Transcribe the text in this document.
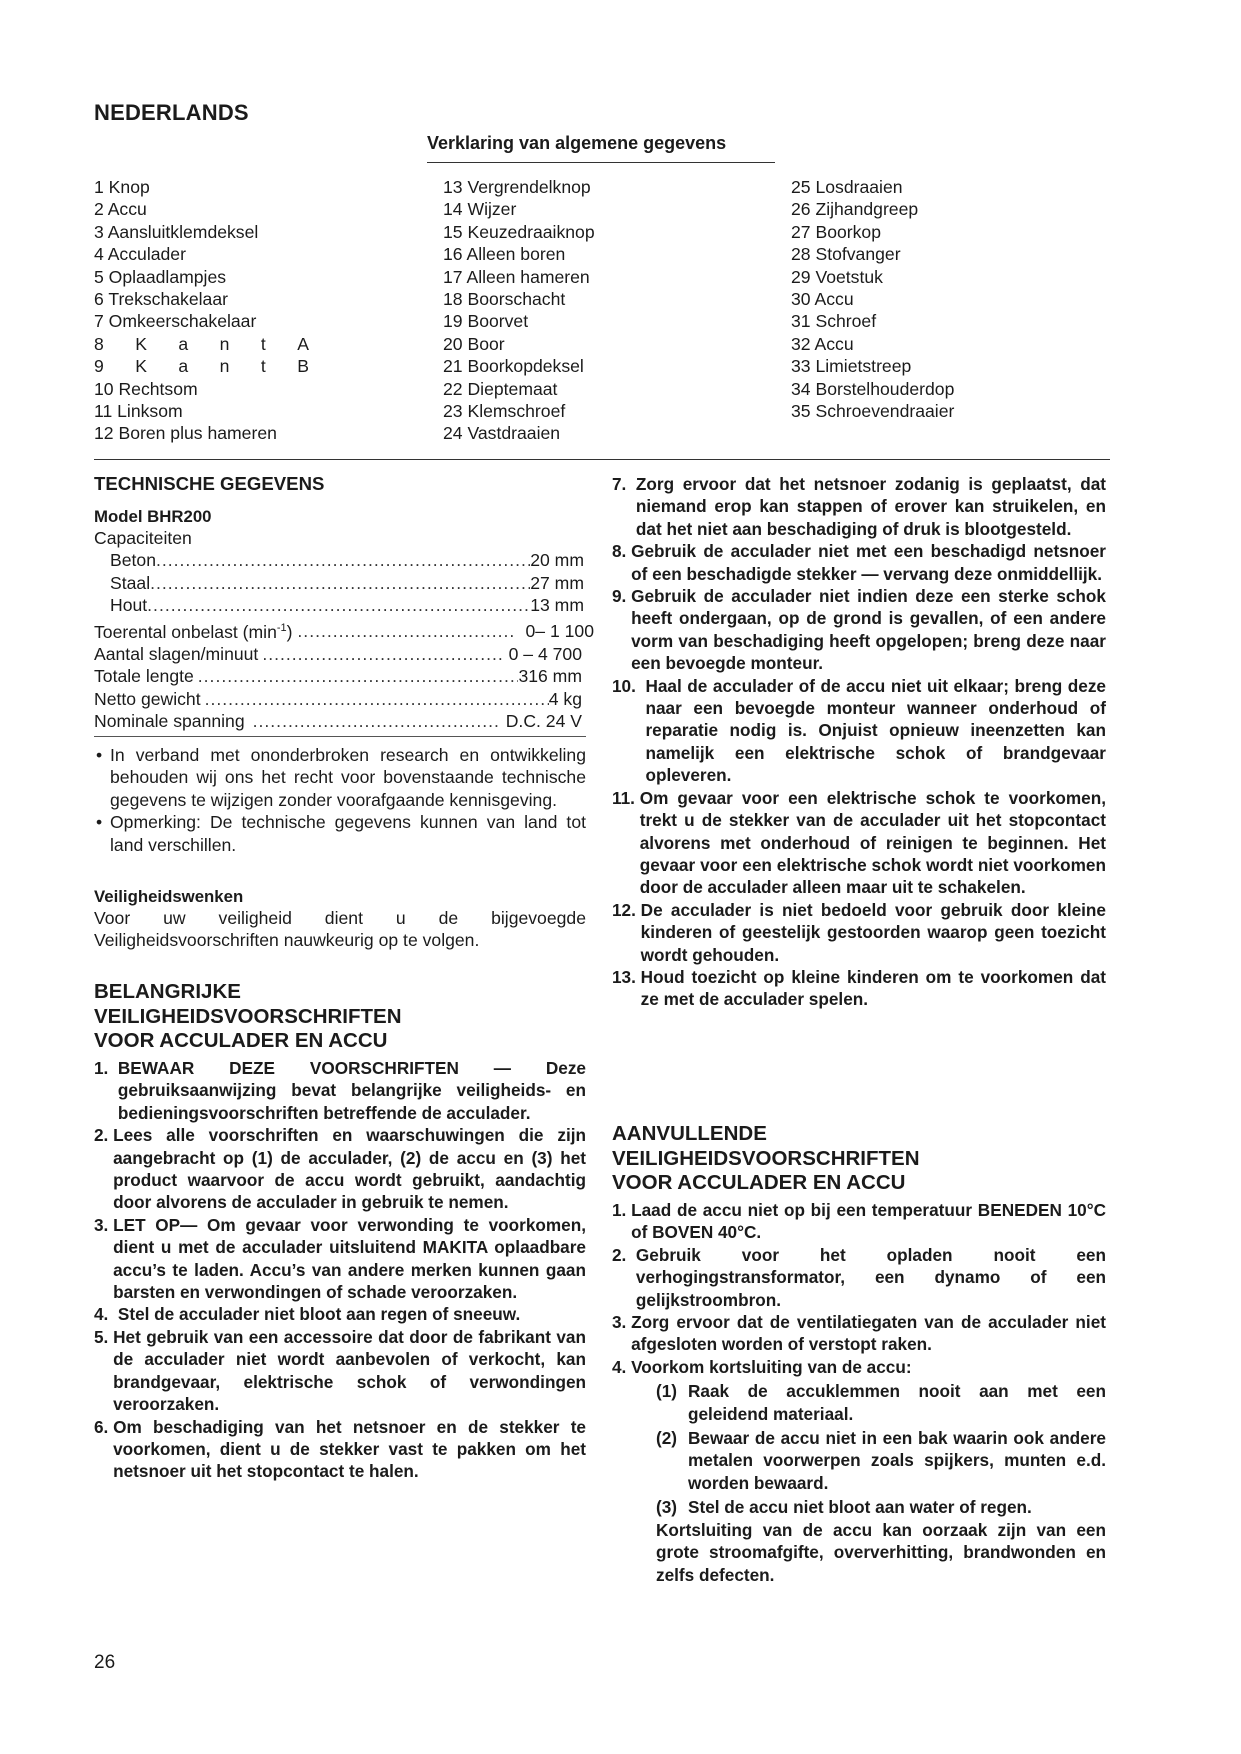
NEDERLANDS
Verklaring van algemene gegevens
1 Knop
2 Accu
3 Aansluitklemdeksel
4 Acculader
5 Oplaadlampjes
6 Trekschakelaar
7 Omkeerschakelaar
8 K a n t A
9 K a n t B
10 Rechtsom
11 Linksom
12 Boren plus hameren
13 Vergrendelknop
14 Wijzer
15 Keuzedraaiknop
16 Alleen boren
17 Alleen hameren
18 Boorschacht
19 Boorvet
20 Boor
21 Boorkopdeksel
22 Dieptemaat
23 Klemschroef
24 Vastdraaien
25 Losdraaien
26 Zijhandgreep
27 Boorkop
28 Stofvanger
29 Voetstuk
30 Accu
31 Schroef
32 Accu
33 Limietstreep
34 Borstelhouderdop
35 Schroevendraaier
TECHNISCHE GEGEVENS
Model BHR200
Capaciteiten
Beton .....	20 mm
Staal .....	27 mm
Hout .....	13 mm
Toerental onbelast $(\min^{-1})$ .....	0– 1 100
Aantal slagen/minuut .....	0 – 4 700
Totale lengte .....	316 mm
Netto gewicht .....	4 kg
Nominale spanning .....	D.C. 24 V
• In verband met ononderbroken research en ontwikkeling behouden wij ons het recht voor bovenstaande technische gegevens te wijzigen zonder voorafgaande kennisgeving.
• Opmerking: De technische gegevens kunnen van land tot land verschillen.
Veiligheidswenken
Voor uw veiligheid dient u de bijgevoegde Veiligheidsvoorschriften nauwkeurig op te volgen.
BELANGRIJKE
VEILIGHEIDSVOORSCHRIFTEN
VOOR ACCULADER EN ACCU
1. BEWAAR DEZE VOORSCHRIFTEN — Deze gebruiksaanwijzing bevat belangrijke veiligheids- en bedieningsvoorschriften betreffende de acculader.
2. Lees alle voorschriften en waarschuwingen die zijn aangebracht op (1) de acculader, (2) de accu en (3) het product waarvoor de accu wordt gebruikt, aandachtig door alvorens de acculader in gebruik te nemen.
3. LET OP— Om gevaar voor verwonding te voorkomen, dient u met de acculader uitsluitend MAKITA oplaadbare accu’s te laden. Accu’s van andere merken kunnen gaan barsten en verwondingen of schade veroorzaken.
4. Stel de acculader niet bloot aan regen of sneeuw.
5. Het gebruik van een accessoire dat door de fabrikant van de acculader niet wordt aanbevolen of verkocht, kan brandgevaar, elektrische schok of verwondingen veroorzaken.
6. Om beschadiging van het netsnoer en de stekker te voorkomen, dient u de stekker vast te pakken om het netsnoer uit het stopcontact te halen.
7. Zorg ervoor dat het netsnoer zodanig is geplaatst, dat niemand erop kan stappen of erover kan struikelen, en dat het niet aan beschadiging of druk is blootgesteld.
8. Gebruik de acculader niet met een beschadigd netsnoer of een beschadigde stekker — vervang deze onmiddellijk.
9. Gebruik de acculader niet indien deze een sterke schok heeft ondergaan, op de grond is gevallen, of een andere vorm van beschadiging heeft opgelopen; breng deze naar een bevoegde monteur.
10. Haal de acculader of de accu niet uit elkaar; breng deze naar een bevoegde monteur wanneer onderhoud of reparatie nodig is. Onjuist opnieuw ineenzetten kan namelijk een elektrische schok of brandgevaar opleveren.
11. Om gevaar voor een elektrische schok te voorkomen, trekt u de stekker van de acculader uit het stopcontact alvorens met onderhoud of reinigen te beginnen. Het gevaar voor een elektrische schok wordt niet voorkomen door de acculader alleen maar uit te schakelen.
12. De acculader is niet bedoeld voor gebruik door kleine kinderen of geestelijk gestoorden waarop geen toezicht wordt gehouden.
13. Houd toezicht op kleine kinderen om te voorkomen dat ze met de acculader spelen.
AANVULLENDE
VEILIGHEIDSVOORSCHRIFTEN
VOOR ACCULADER EN ACCU
1. Laad de accu niet op bij een temperatuur BENEDEN 10°C of BOVEN 40°C.
2. Gebruik voor het opladen nooit een verhogingstransformator, een dynamo of een gelijkstroombron.
3. Zorg ervoor dat de ventilatiegaten van de acculader niet afgesloten worden of verstopt raken.
4. Voorkom kortsluiting van de accu:
(1) Raak de accuklemmen nooit aan met een geleidend materiaal.
(2) Bewaar de accu niet in een bak waarin ook andere metalen voorwerpen zoals spijkers, munten e.d. worden bewaard.
(3) Stel de accu niet bloot aan water of regen.
Kortsluiting van de accu kan oorzaak zijn van een grote stroomafgifte, oververhitting, brandwonden en zelfs defecten.
26
